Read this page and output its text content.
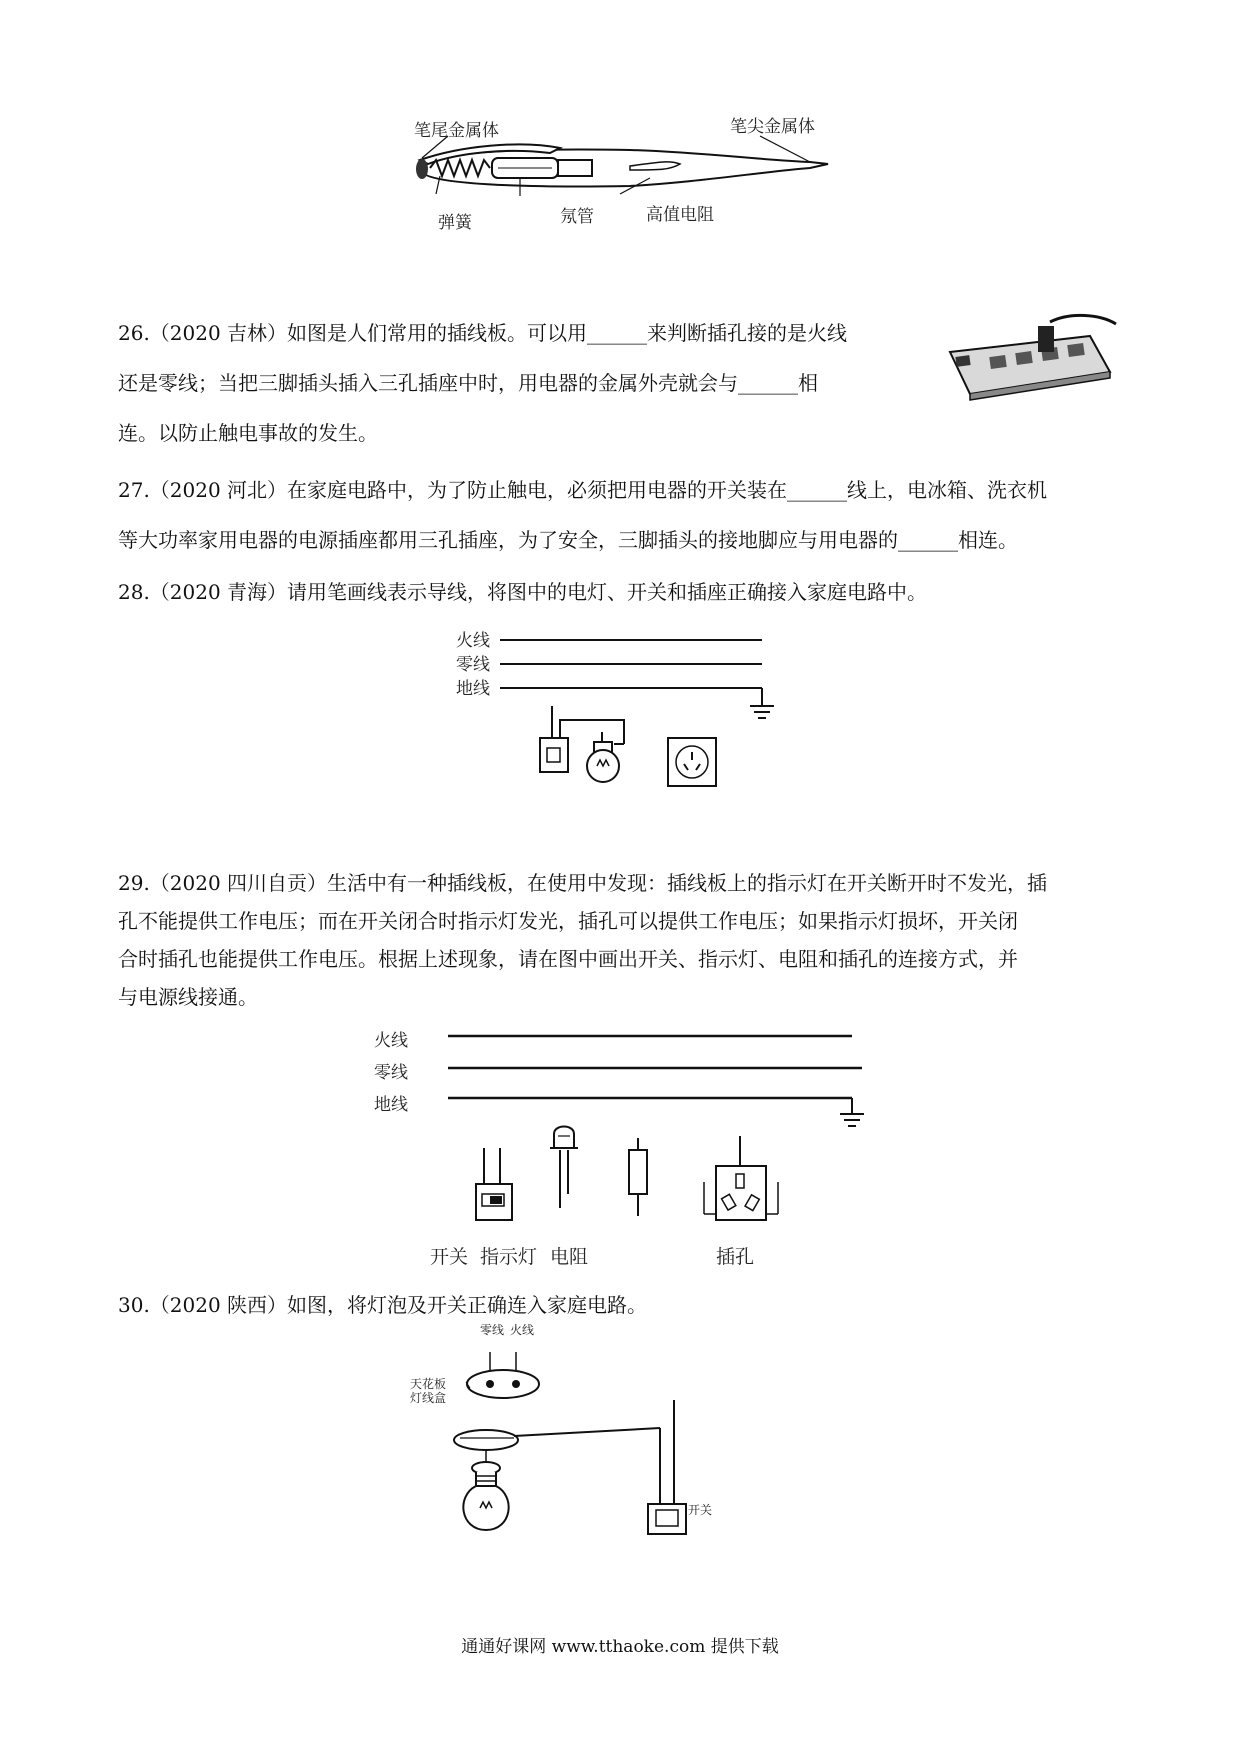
笔尾金属体	笔尖金属体
弹簧	氖管	高值电阻
26.（2020 吉林）如图是人们常用的插线板。可以用______来判断插孔接的是火线
还是零线；当把三脚插头插入三孔插座中时，用电器的金属外壳就会与______相
连。以防止触电事故的发生。
27.（2020 河北）在家庭电路中，为了防止触电，必须把用电器的开关装在______线上，电冰箱、洗衣机
等大功率家用电器的电源插座都用三孔插座，为了安全，三脚插头的接地脚应与用电器的______相连。
28.（2020 青海）请用笔画线表示导线，将图中的电灯、开关和插座正确接入家庭电路中。
火线
零线
地线
29.（2020 四川自贡）生活中有一种插线板，在使用中发现：插线板上的指示灯在开关断开时不发光，插
孔不能提供工作电压；而在开关闭合时指示灯发光，插孔可以提供工作电压；如果指示灯损坏，开关闭
合时插孔也能提供工作电压。根据上述现象，请在图中画出开关、指示灯、电阻和插孔的连接方式，并
与电源线接通。
火线
零线
地线
开关 指示灯 电阻	插孔
30.（2020 陕西）如图，将灯泡及开关正确连入家庭电路。
零线 火线
天花板
灯线盒
开关
通通好课网 www.tthaoke.com 提供下载
